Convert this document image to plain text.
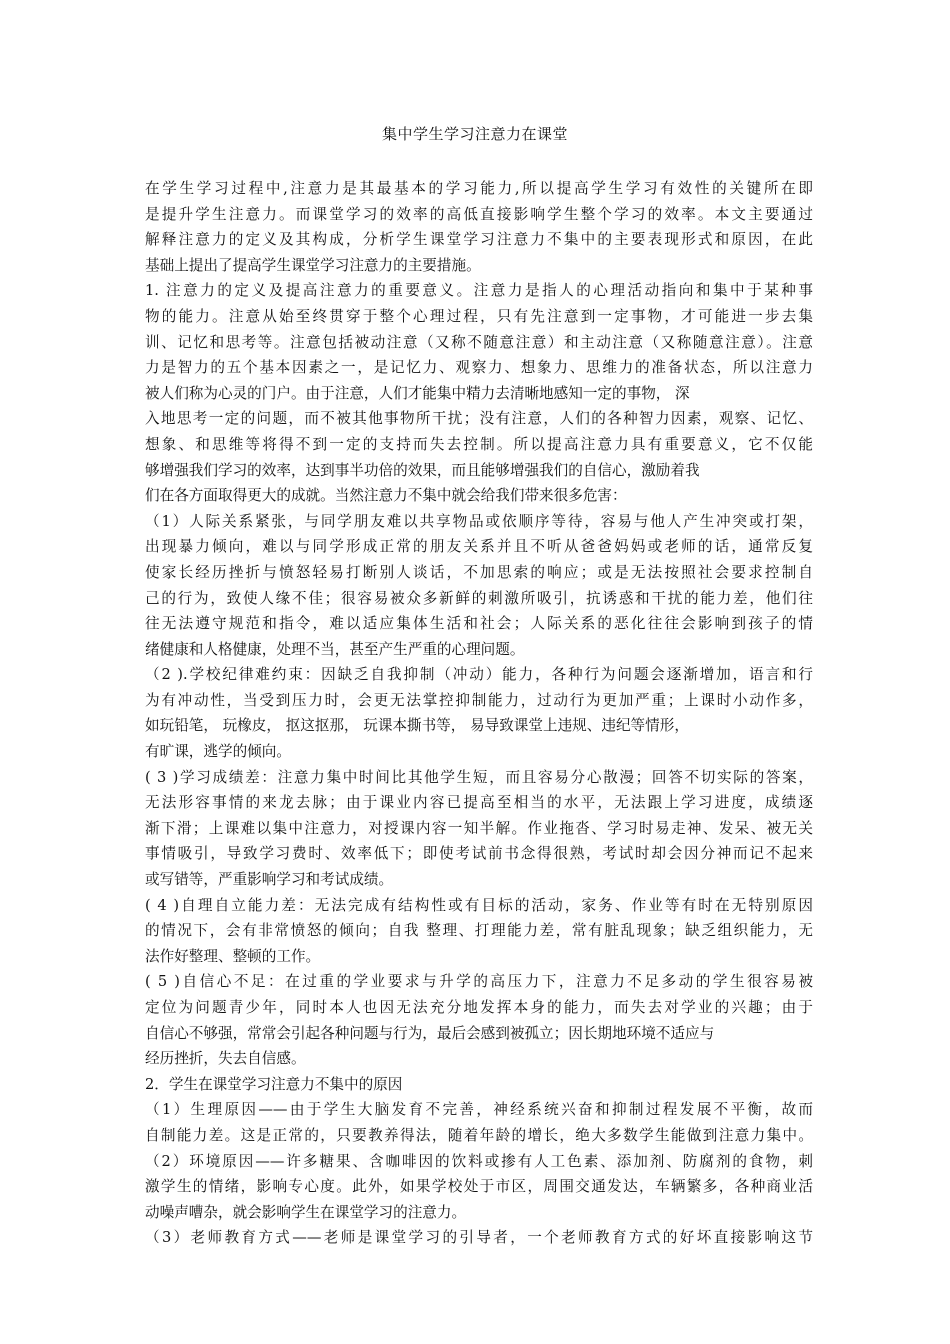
集中学生学习注意力在课堂
在学生学习过程中,注意力是其最基本的学习能力,所以提高学生学习有效性的关键所在即
是提升学生注意力。而课堂学习的效率的高低直接影响学生整个学习的效率。本文主要通过
解释注意力的定义及其构成，分析学生课堂学习注意力不集中的主要表现形式和原因，在此
基础上提出了提高学生课堂学习注意力的主要措施。
1. 注意力的定义及提高注意力的重要意义。注意力是指人的心理活动指向和集中于某种事
物的能力。注意从始至终贯穿于整个心理过程，只有先注意到一定事物，才可能进一步去集
训、记忆和思考等。注意包括被动注意（又称不随意注意）和主动注意（又称随意注意）。注意
力是智力的五个基本因素之一，是记忆力、观察力、想象力、思维力的准备状态，所以注意力
被人们称为心灵的门户。由于注意，人们才能集中精力去清晰地感知一定的事物， 深
入地思考一定的问题，而不被其他事物所干扰；没有注意，人们的各种智力因素，观察、记忆、
想象、和思维等将得不到一定的支持而失去控制。所以提高注意力具有重要意义，它不仅能
够增强我们学习的效率，达到事半功倍的效果，而且能够增强我们的自信心，激励着我
们在各方面取得更大的成就。当然注意力不集中就会给我们带来很多危害：
（1）人际关系紧张，与同学朋友难以共享物品或依顺序等待，容易与他人产生冲突或打架，
出现暴力倾向，难以与同学形成正常的朋友关系并且不听从爸爸妈妈或老师的话，通常反复
使家长经历挫折与愤怒轻易打断别人谈话，不加思索的响应；或是无法按照社会要求控制自
己的行为，致使人缘不佳；很容易被众多新鲜的刺激所吸引，抗诱惑和干扰的能力差，他们往
往无法遵守规范和指令，难以适应集体生活和社会；人际关系的恶化往往会影响到孩子的情
绪健康和人格健康，处理不当，甚至产生严重的心理问题。
（2 ).学校纪律难约束：因缺乏自我抑制（冲动）能力，各种行为问题会逐渐增加，语言和行
为有冲动性，当受到压力时，会更无法掌控抑制能力，过动行为更加严重；上课时小动作多，
如玩铅笔， 玩橡皮， 抠这抠那， 玩课本撕书等， 易导致课堂上违规、违纪等情形，
有旷课，逃学的倾向。
( 3 )学习成绩差：注意力集中时间比其他学生短，而且容易分心散漫；回答不切实际的答案，
无法形容事情的来龙去脉；由于课业内容已提高至相当的水平，无法跟上学习进度，成绩逐
渐下滑；上课难以集中注意力，对授课内容一知半解。作业拖沓、学习时易走神、发呆、被无关
事情吸引，导致学习费时、效率低下；即使考试前书念得很熟，考试时却会因分神而记不起来
或写错等，严重影响学习和考试成绩。
( 4 )自理自立能力差：无法完成有结构性或有目标的活动，家务、作业等有时在无特别原因
的情况下，会有非常愤怒的倾向；自我 整理、打理能力差，常有脏乱现象；缺乏组织能力，无
法作好整理、整顿的工作。
( 5 )自信心不足：在过重的学业要求与升学的高压力下，注意力不足多动的学生很容易被
定位为问题青少年，同时本人也因无法充分地发挥本身的能力，而失去对学业的兴趣；由于
自信心不够强，常常会引起各种问题与行为，最后会感到被孤立；因长期地环境不适应与
经历挫折，失去自信感。
2．学生在课堂学习注意力不集中的原因
（1）生理原因——由于学生大脑发育不完善，神经系统兴奋和抑制过程发展不平衡，故而
自制能力差。这是正常的，只要教养得法，随着年龄的增长，绝大多数学生能做到注意力集中。
（2）环境原因——许多糖果、含咖啡因的饮料或掺有人工色素、添加剂、防腐剂的食物，刺
激学生的情绪，影响专心度。此外，如果学校处于市区，周围交通发达，车辆繁多，各种商业活
动噪声嘈杂，就会影响学生在课堂学习的注意力。
（3）老师教育方式——老师是课堂学习的引导者，一个老师教育方式的好坏直接影响这节
